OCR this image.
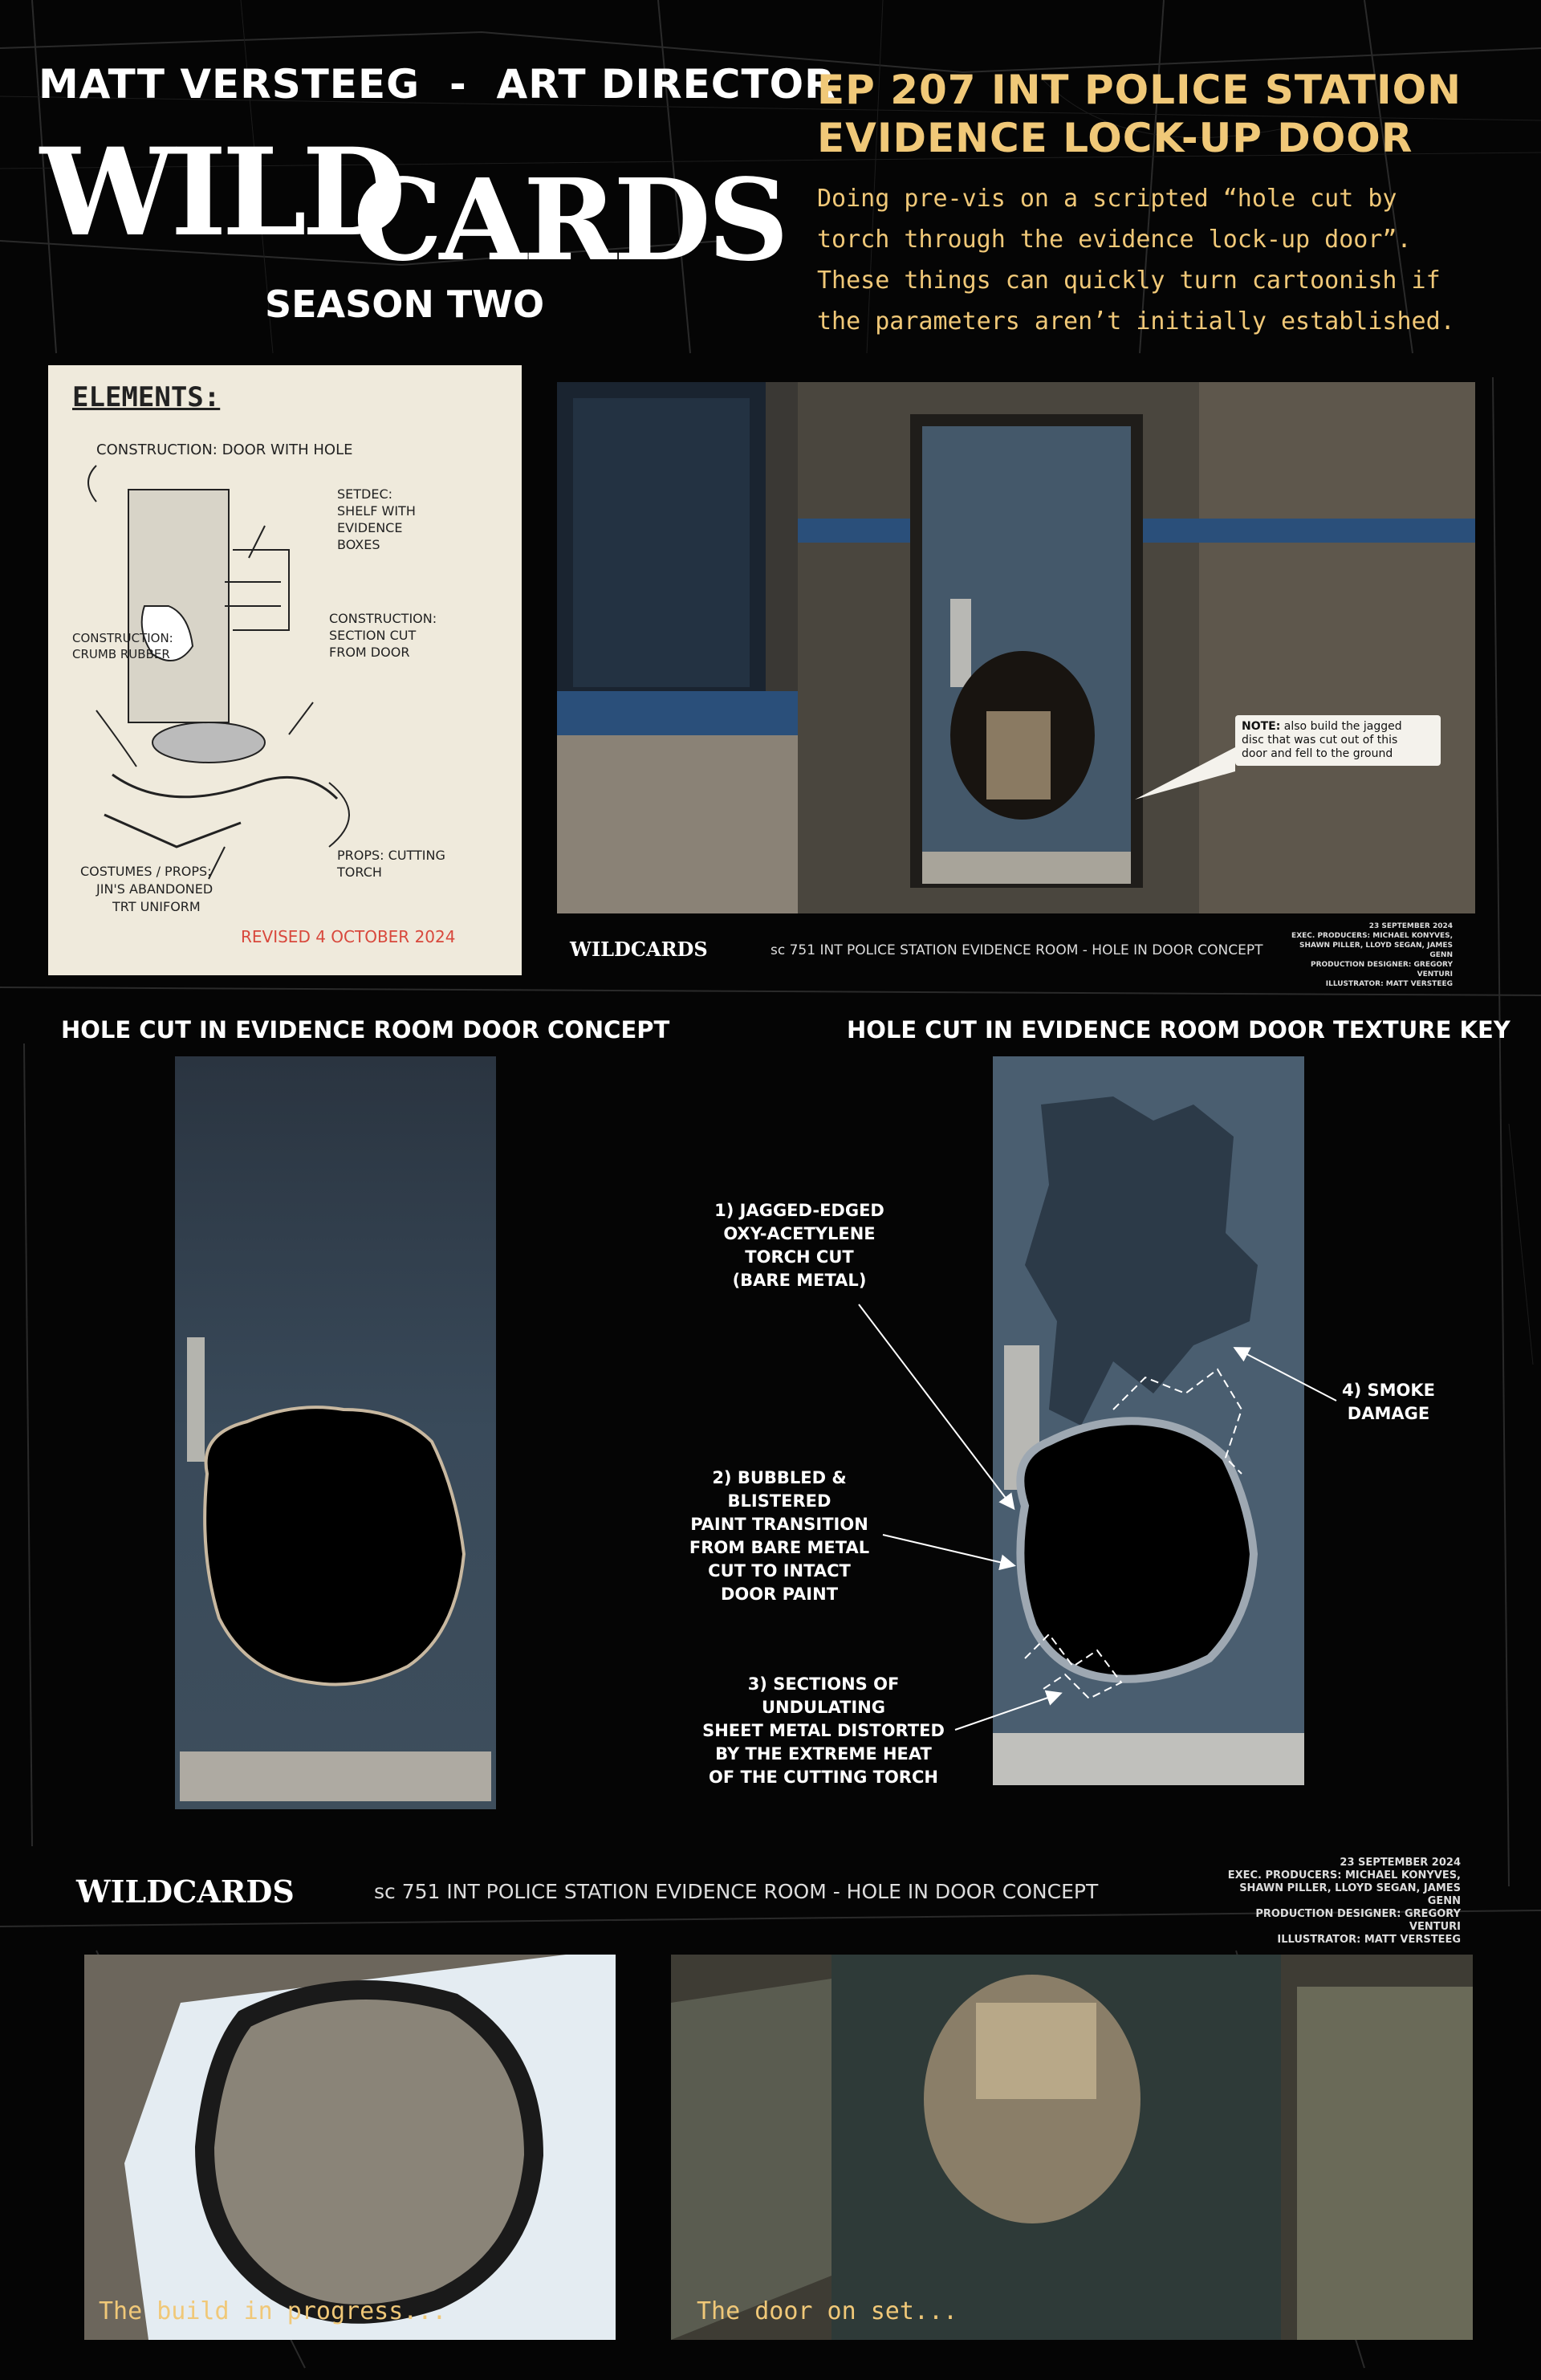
MATT VERSTEEG  -  ART DIRECTOR
WILD
CARDS
SEASON TWO
EP 207 INT POLICE STATION
EVIDENCE LOCK-UP DOOR
Doing pre-vis on a scripted “hole cut by
torch through the evidence lock-up door”.
These things can quickly turn cartoonish if
the parameters aren’t initially established.
ELEMENTS:
CONSTRUCTION: DOOR WITH HOLE
SETDEC:
SHELF WITH
EVIDENCE
BOXES
CONSTRUCTION:
CRUMB RUBBER
CONSTRUCTION:
SECTION CUT
FROM DOOR
PROPS: CUTTING
TORCH
COSTUMES / PROPS:
JIN'S ABANDONED
TRT UNIFORM
REVISED 4 OCTOBER 2024
NOTE: also build the jagged
disc that was cut out of this
door and fell to the ground
WILDCARDS	sc 751 INT POLICE STATION EVIDENCE ROOM - HOLE IN DOOR CONCEPT
23 SEPTEMBER 2024
EXEC. PRODUCERS: MICHAEL KONYVES,
SHAWN PILLER, LLOYD SEGAN, JAMES GENN
PRODUCTION DESIGNER: GREGORY VENTURI
ILLUSTRATOR: MATT VERSTEEG
HOLE CUT IN EVIDENCE ROOM DOOR CONCEPT	HOLE CUT IN EVIDENCE ROOM DOOR TEXTURE KEY
1) JAGGED-EDGED
OXY-ACETYLENE
TORCH CUT
(BARE METAL)
2) BUBBLED & BLISTERED
PAINT TRANSITION
FROM BARE METAL
CUT TO INTACT
DOOR PAINT
3) SECTIONS OF UNDULATING
SHEET METAL DISTORTED
BY THE EXTREME HEAT
OF THE CUTTING TORCH
4) SMOKE
DAMAGE
WILDCARDS	sc 751 INT POLICE STATION EVIDENCE ROOM - HOLE IN DOOR CONCEPT
23 SEPTEMBER 2024
EXEC. PRODUCERS: MICHAEL KONYVES,
SHAWN PILLER, LLOYD SEGAN, JAMES GENN
PRODUCTION DESIGNER: GREGORY VENTURI
ILLUSTRATOR: MATT VERSTEEG
The build in progress...	The door on set...
